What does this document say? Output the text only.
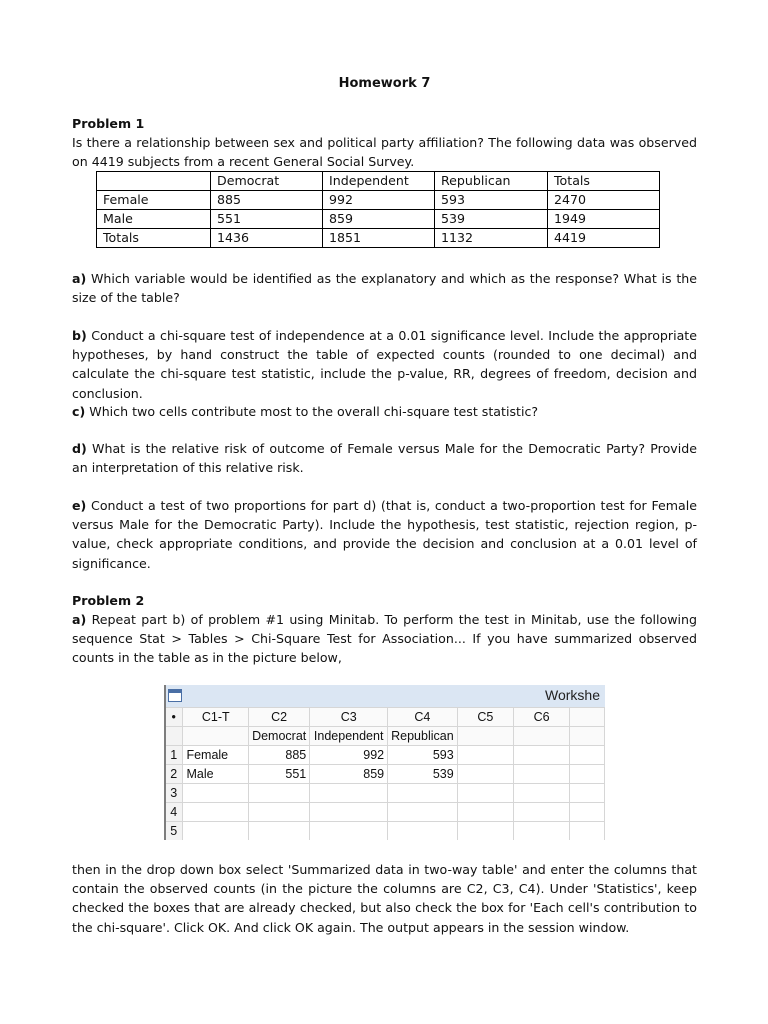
Homework 7
Problem 1
Is there a relationship between sex and political party affiliation? The following data was observed on 4419 subjects from a recent General Social Survey.
	Democrat	Independent	Republican	Totals
Female	885	992	593	2470
Male	551	859	539	1949
Totals	1436	1851	1132	4419
a) Which variable would be identified as the explanatory and which as the response? What is the size of the table?
b) Conduct a chi-square test of independence at a 0.01 significance level. Include the appropriate hypotheses, by hand construct the table of expected counts (rounded to one decimal) and calculate the chi-square test statistic, include the p-value, RR, degrees of freedom, decision and conclusion.
c) Which two cells contribute most to the overall chi-square test statistic?
d) What is the relative risk of outcome of Female versus Male for the Democratic Party? Provide an interpretation of this relative risk.
e) Conduct a test of two proportions for part d) (that is, conduct a two-proportion test for Female versus Male for the Democratic Party). Include the hypothesis, test statistic, rejection region, p-value, check appropriate conditions, and provide the decision and conclusion at a 0.01 level of significance.
Problem 2
a) Repeat part b) of problem #1 using Minitab. To perform the test in Minitab, use the following sequence Stat > Tables > Chi-Square Test for Association... If you have summarized observed counts in the table as in the picture below,
then in the drop down box select 'Summarized data in two-way table' and enter the columns that contain the observed counts (in the picture the columns are C2, C3, C4). Under 'Statistics', keep checked the boxes that are already checked, but also check the box for 'Each cell's contribution to the chi-square'. Click OK. And click OK again. The output appears in the session window.
Workshe
•	C1-T	C2	C3	C4	C5	C6	
		Democrat	Independent	Republican			
1	Female	885	992	593			
2	Male	551	859	539			
3							
4							
5							
